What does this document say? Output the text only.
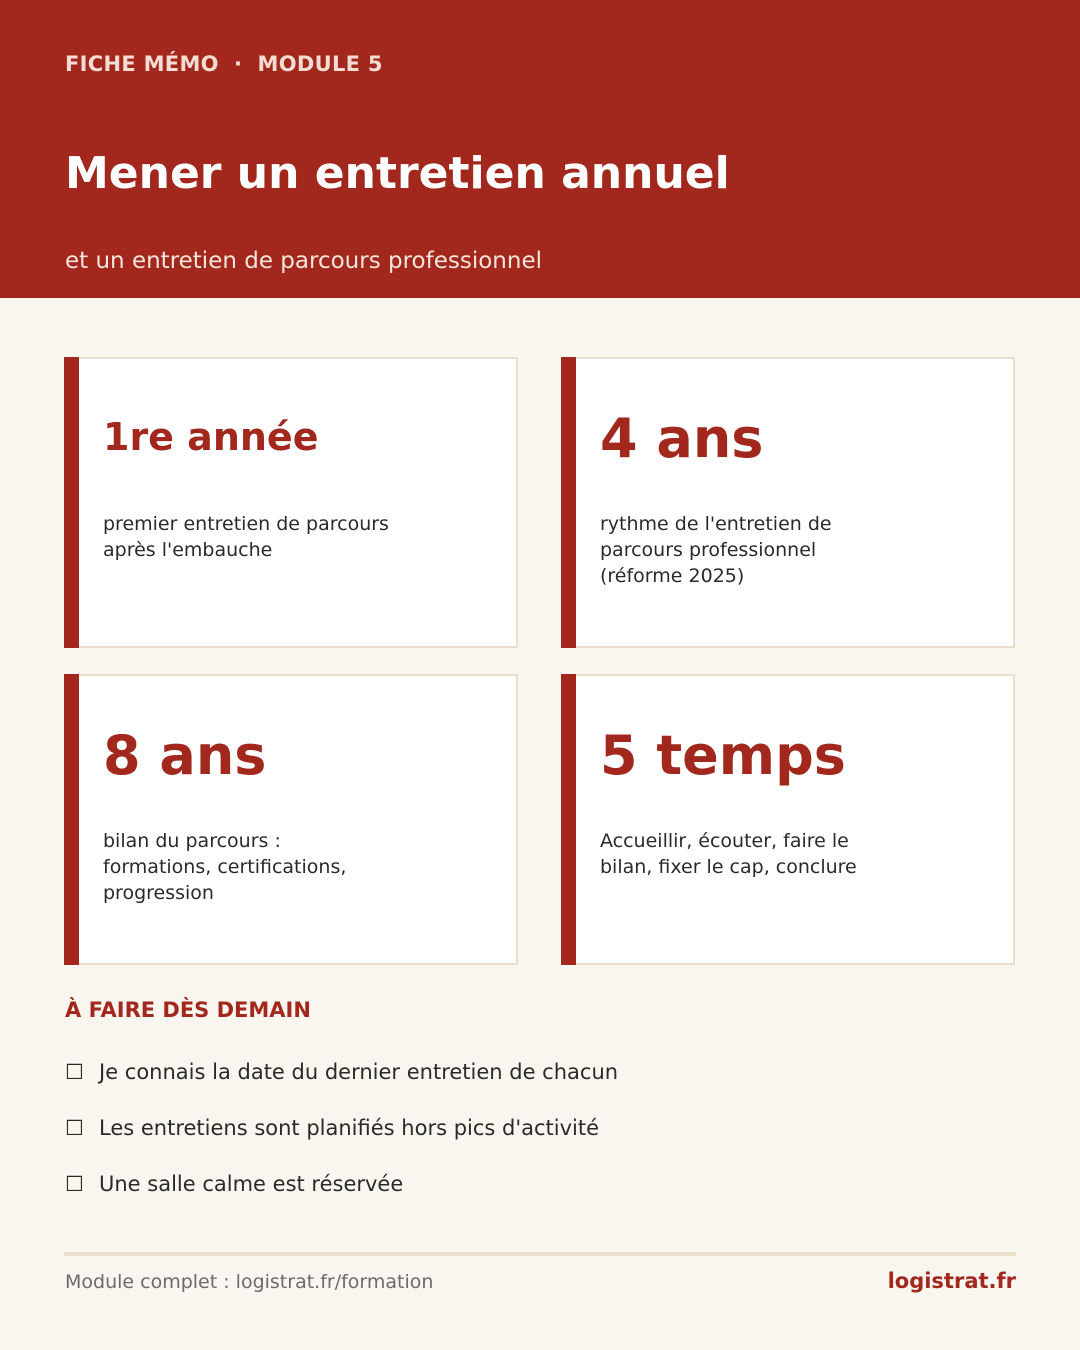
FICHE MÉMO  ·  MODULE 5
Mener un entretien annuel
et un entretien de parcours professionnel
1re année
premier entretien de parcours après l'embauche
4 ans
rythme de l'entretien de parcours professionnel (réforme 2025)
8 ans
bilan du parcours : formations, certifications, progression
5 temps
Accueillir, écouter, faire le bilan, fixer le cap, conclure
À FAIRE DÈS DEMAIN
☐ Je connais la date du dernier entretien de chacun
☐ Les entretiens sont planifiés hors pics d'activité
☐ Une salle calme est réservée
Module complet : logistrat.fr/formation	logistrat.fr
